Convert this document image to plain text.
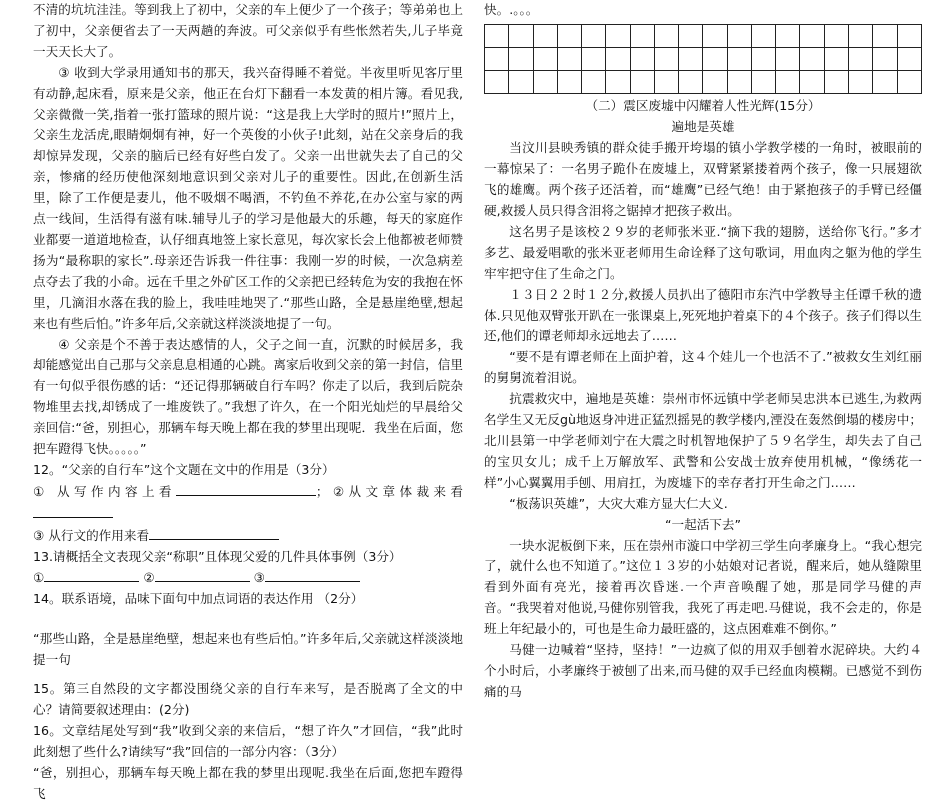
不清的坑坑洼洼。等到我上了初中，父亲的车上便少了一个孩子；等弟弟也上了初中，父亲便省去了一天两趟的奔波。可父亲似乎有些怅然若失,儿子毕竟一天天长大了。

③ 收到大学录用通知书的那天，我兴奋得睡不着觉。半夜里听见客厅里有动静,起床看，原来是父亲，他正在台灯下翻看一本发黄的相片簿。看见我,父亲微微一笑,指着一张打篮球的照片说：“这是我上大学时的照片!”照片上，父亲生龙活虎,眼睛炯炯有神，好一个英俊的小伙子!此刻，站在父亲身后的我却惊异发现，父亲的脑后已经有好些白发了。父亲一出世就失去了自己的父亲，惨痛的经历使他深刻地意识到父亲对儿子的重要性。因此,在创新生活里，除了工作便是妻儿，他不吸烟不喝酒，不钓鱼不养花,在办公室与家的两点一线间，生活得有滋有味.辅导儿子的学习是他最大的乐趣，每天的家庭作业都要一道道地检查，认仔细真地签上家长意见，每次家长会上他都被老师赞扬为“最称职的家长”.母亲还告诉我一件往事：我刚一岁的时候，一次急病差点夺去了我的小命。远在千里之外矿区工作的父亲把已经转危为安的我抱在怀里，几滴泪水落在我的脸上，我哇哇地哭了.“那些山路，全是悬崖绝壁,想起来也有些后怕。”许多年后,父亲就这样淡淡地提了一句。

④ 父亲是个不善于表达感情的人，父子之间一直，沉默的时候居多，我却能感觉出自己那与父亲息息相通的心跳。离家后收到父亲的第一封信，信里有一句似乎很伤感的话：“还记得那辆破自行车吗？你走了以后，我到后院杂物堆里去找,却锈成了一堆废铁了。”我想了许久，在一个阳光灿烂的早晨给父亲回信:“爸，别担心，那辆车每天晚上都在我的梦里出现呢．我坐在后面，您把车蹬得飞快。。。。。”

12。“父亲的自行车”这个文题在文中的作用是（3分）

① 从写作内容上看	；②从文章体裁来看

③ 从行文的作用来看

13.请概括全文表现父亲“称职”且体现父爱的几件具体事例（3分）

①	②	③

14。联系语境，品味下面句中加点词语的表达作用 （2分）

“那些山路，全是悬崖绝壁，想起来也有些后怕。”许多年后,父亲就这样淡淡地提一句

15。第三自然段的文字都没围绕父亲的自行车来写，是否脱离了全文的中心？请简要叙述理由：(2分)

16。文章结尾处写到“我”收到父亲的来信后，“想了许久”才回信，“我”此时此刻想了些什么?请续写“我”回信的一部分内容：（3分）

“爸，别担心，那辆车每天晚上都在我的梦里出现呢.我坐在后面,您把车蹬得飞

快。.。。。

（二）震区废墟中闪耀着人性光辉(15分）

遍地是英雄

当汶川县映秀镇的群众徒手搬开垮塌的镇小学教学楼的一角时，被眼前的一幕惊呆了：一名男子跪仆在废墟上，双臂紧紧搂着两个孩子，像一只展翅欲飞的雄鹰。两个孩子还活着，而“雄鹰”已经气绝！由于紧抱孩子的手臂已经僵硬,救援人员只得含泪将之锯掉才把孩子救出。

这名男子是该校２９岁的老师张米亚.“摘下我的翅膀，送给你飞行。”多才多艺、最爱唱歌的张米亚老师用生命诠释了这句歌词，用血肉之躯为他的学生牢牢把守住了生命之门。

１３日２２时１２分,救援人员扒出了德阳市东汽中学教导主任谭千秋的遗体.只见他双臂张开趴在一张课桌上,死死地护着桌下的４个孩子。孩子们得以生还,他们的谭老师却永远地去了……

“要不是有谭老师在上面护着，这４个娃儿一个也活不了.”被救女生刘红丽的舅舅流着泪说。

抗震救灾中，遍地是英雄：崇州市怀远镇中学老师吴忠洪本已逃生,为救两名学生又无反gù地返身冲进正猛烈摇晃的教学楼内,湮没在轰然倒塌的楼房中；北川县第一中学老师刘宁在大震之时机智地保护了５９名学生，却失去了自己的宝贝女儿；成千上万解放军、武警和公安战士放弃使用机械，“像绣花一样”小心翼翼用手刨、用肩扛，为废墟下的幸存者打开生命之门……

“板荡识英雄”，大灾大难方显大仁大义.

“一起活下去”

一块水泥板倒下来，压在崇州市漩口中学初三学生向孝廉身上。“我心想完了，就什么也不知道了。”这位１３岁的小姑娘对记者说，醒来后，她从缝隙里看到外面有亮光，接着再次昏迷.一个声音唤醒了她，那是同学马健的声音。“我哭着对他说,马健你别管我，我死了再走吧.马健说，我不会走的，你是班上年纪最小的，可也是生命力最旺盛的，这点困难难不倒你。”

马健一边喊着“坚持，坚持！”一边疯了似的用双手刨着水泥碎块。大约４个小时后，小孝廉终于被刨了出来,而马健的双手已经血肉模糊。已感觉不到伤痛的马
